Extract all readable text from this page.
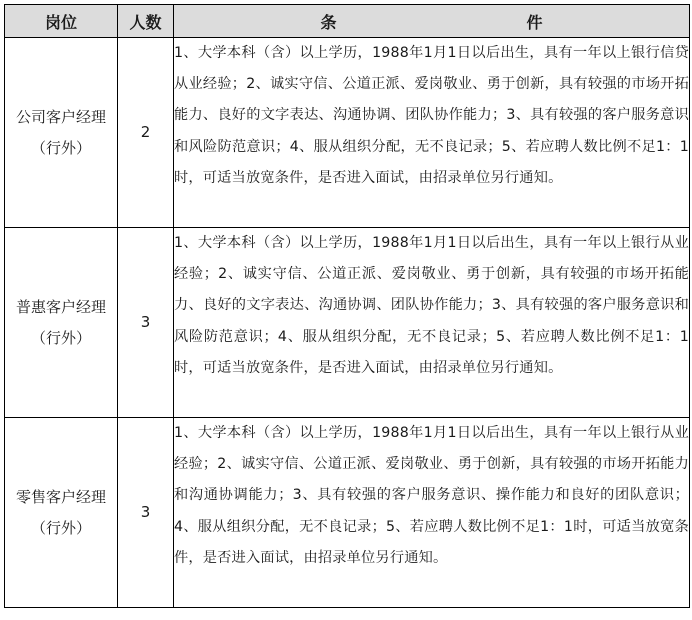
岗位	人数	条 件

公司客户经理
（行外）	2	1、大学本科（含）以上学历，1988年1月1日以后出生，具有一年以上银行信贷从业经验；2、诚实守信、公道正派、爱岗敬业、勇于创新，具有较强的市场开拓能力、良好的文字表达、沟通协调、团队协作能力；3、具有较强的客户服务意识和风险防范意识；4、服从组织分配，无不良记录；5、若应聘人数比例不足1：1时，可适当放宽条件，是否进入面试，由招录单位另行通知。

普惠客户经理
（行外）	3	1、大学本科（含）以上学历，1988年1月1日以后出生，具有一年以上银行从业经验；2、诚实守信、公道正派、爱岗敬业、勇于创新，具有较强的市场开拓能力、良好的文字表达、沟通协调、团队协作能力；3、具有较强的客户服务意识和风险防范意识；4、服从组织分配，无不良记录；5、若应聘人数比例不足1：1时，可适当放宽条件，是否进入面试，由招录单位另行通知。

零售客户经理
（行外）	3	1、大学本科（含）以上学历，1988年1月1日以后出生，具有一年以上银行从业经验；2、诚实守信、公道正派、爱岗敬业、勇于创新，具有较强的市场开拓能力和沟通协调能力；3、具有较强的客户服务意识、操作能力和良好的团队意识；4、服从组织分配，无不良记录；5、若应聘人数比例不足1：1时，可适当放宽条件，是否进入面试，由招录单位另行通知。
